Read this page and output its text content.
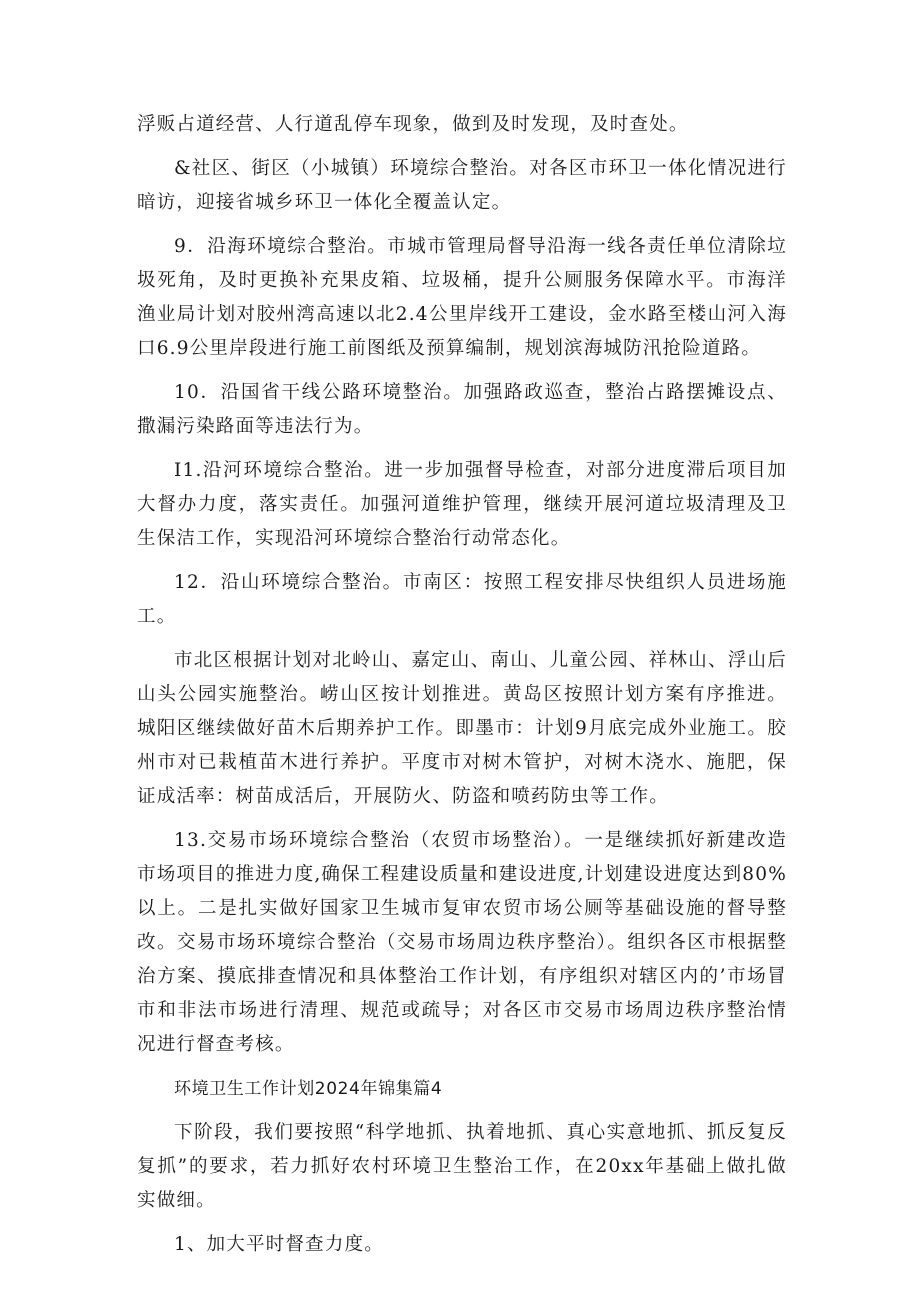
浮贩占道经营、人行道乱停车现象，做到及时发现，及时查处。

&社区、街区（小城镇）环境综合整治。对各区市环卫一体化情况进行暗访，迎接省城乡环卫一体化全覆盖认定。

9．沿海环境综合整治。市城市管理局督导沿海一线各责任单位清除垃圾死角，及时更换补充果皮箱、垃圾桶，提升公厕服务保障水平。市海洋渔业局计划对胶州湾高速以北2.4公里岸线开工建设，金水路至楼山河入海口6.9公里岸段进行施工前图纸及预算编制，规划滨海城防汛抢险道路。

10．沿国省干线公路环境整治。加强路政巡查，整治占路摆摊设点、撒漏污染路面等违法行为。

I1.沿河环境综合整治。进一步加强督导检查，对部分进度滞后项目加大督办力度，落实责任。加强河道维护管理，继续开展河道垃圾清理及卫生保洁工作，实现沿河环境综合整治行动常态化。

12．沿山环境综合整治。市南区：按照工程安排尽快组织人员进场施工。

市北区根据计划对北岭山、嘉定山、南山、儿童公园、祥林山、浮山后山头公园实施整治。崂山区按计划推进。黄岛区按照计划方案有序推进。城阳区继续做好苗木后期养护工作。即墨市：计划9月底完成外业施工。胶州市对已栽植苗木进行养护。平度市对树木管护，对树木浇水、施肥，保证成活率：树苗成活后，开展防火、防盗和喷药防虫等工作。

13.交易市场环境综合整治（农贸市场整治）。一是继续抓好新建改造市场项目的推进力度,确保工程建设质量和建设进度,计划建设进度达到80%以上。二是扎实做好国家卫生城市复审农贸市场公厕等基础设施的督导整改。交易市场环境综合整治（交易市场周边秩序整治）。组织各区市根据整治方案、摸底排查情况和具体整治工作计划，有序组织对辖区内的’市场冒市和非法市场进行清理、规范或疏导；对各区市交易市场周边秩序整治情况进行督查考核。

环境卫生工作计划2024年锦集篇4

下阶段，我们要按照“科学地抓、执着地抓、真心实意地抓、抓反复反复抓”的要求，若力抓好农村环境卫生整治工作，在20xx年基础上做扎做实做细。

1、加大平时督查力度。
